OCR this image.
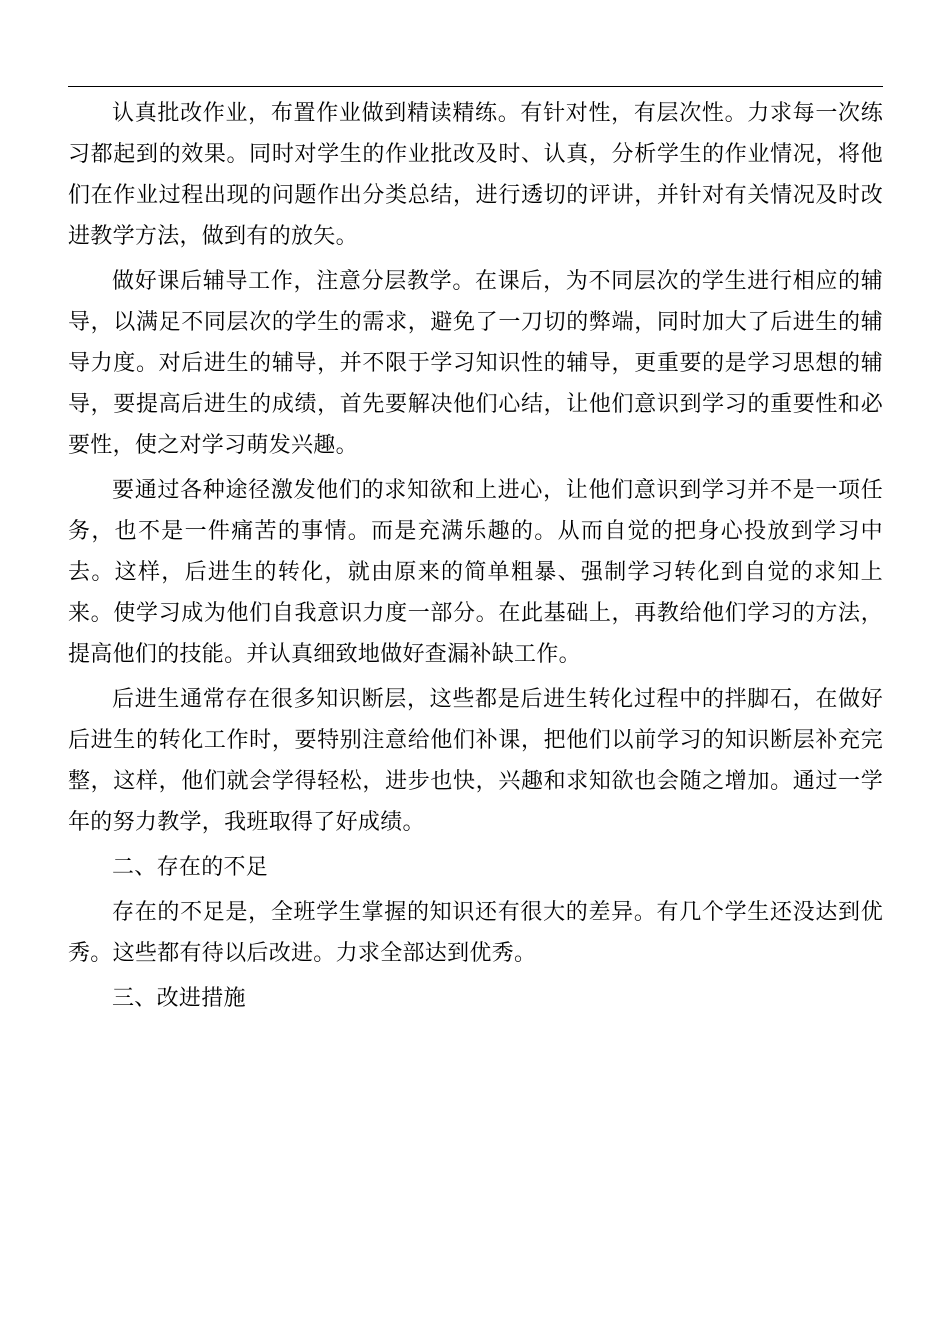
认真批改作业，布置作业做到精读精练。有针对性，有层次性。力求每一次练习都起到的效果。同时对学生的作业批改及时、认真，分析学生的作业情况，将他们在作业过程出现的问题作出分类总结，进行透切的评讲，并针对有关情况及时改进教学方法，做到有的放矢。

做好课后辅导工作，注意分层教学。在课后，为不同层次的学生进行相应的辅导，以满足不同层次的学生的需求，避免了一刀切的弊端，同时加大了后进生的辅导力度。对后进生的辅导，并不限于学习知识性的辅导，更重要的是学习思想的辅导，要提高后进生的成绩，首先要解决他们心结，让他们意识到学习的重要性和必要性，使之对学习萌发兴趣。

要通过各种途径激发他们的求知欲和上进心，让他们意识到学习并不是一项任务，也不是一件痛苦的事情。而是充满乐趣的。从而自觉的把身心投放到学习中去。这样，后进生的转化，就由原来的简单粗暴、强制学习转化到自觉的求知上来。使学习成为他们自我意识力度一部分。在此基础上，再教给他们学习的方法，提高他们的技能。并认真细致地做好查漏补缺工作。

后进生通常存在很多知识断层，这些都是后进生转化过程中的拌脚石，在做好后进生的转化工作时，要特别注意给他们补课，把他们以前学习的知识断层补充完整，这样，他们就会学得轻松，进步也快，兴趣和求知欲也会随之增加。通过一学年的努力教学，我班取得了好成绩。

二、存在的不足

存在的不足是，全班学生掌握的知识还有很大的差异。有几个学生还没达到优秀。这些都有待以后改进。力求全部达到优秀。

三、改进措施
